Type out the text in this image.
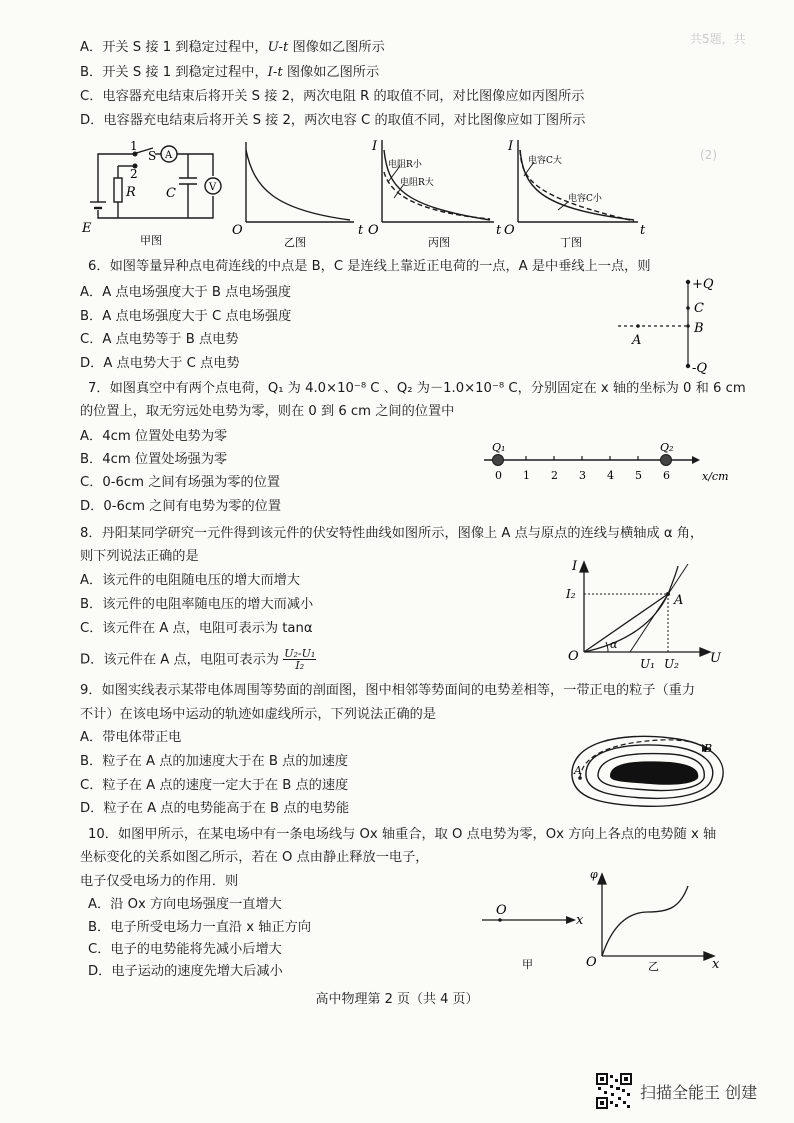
共5题，共
(2)
A．开关 S 接 1 到稳定过程中，U-t 图像如乙图所示
B．开关 S 接 1 到稳定过程中，I-t 图像如乙图所示
C．电容器充电结束后将开关 S 接 2，两次电阻 R 的取值不同，对比图像应如丙图所示
D．电容器充电结束后将开关 S 接 2，两次电容 C 的取值不同，对比图像应如丁图所示
E
R C
S
1
2
A
V
甲图
O	t
乙图
I
电阻R小
电阻R大
O	t
丙图
I
电容C大
电容C小
O	t
丁图
6．如图等量异种点电荷连线的中点是 B，C 是连线上靠近正电荷的一点，A 是中垂线上一点，则
A．A 点电场强度大于 B 点电场强度
B．A 点电场强度大于 C 点电场强度
C．A 点电势等于 B 点电势
D．A 点电势大于 C 点电势
+Q
C
B
A
-Q
7．如图真空中有两个点电荷，Q₁ 为 4.0×10⁻⁸ C 、Q₂ 为－1.0×10⁻⁸ C，分别固定在 x 轴的坐标为 0 和 6 cm
的位置上，取无穷远处电势为零，则在 0 到 6 cm 之间的位置中
A．4cm 位置处电势为零
B．4cm 位置处场强为零
C．0-6cm 之间有场强为零的位置
D．0-6cm 之间有电势为零的位置
0 1 2 3 4 5 6
Q₁	Q₂
x/cm
8．丹阳某同学研究一元件得到该元件的伏安特性曲线如图所示，图像上 A 点与原点的连线与横轴成 α 角，
则下列说法正确的是
A．该元件的电阻随电压的增大而增大
B．该元件的电阻率随电压的增大而减小
C．该元件在 A 点，电阻可表示为 tanα
D．该元件在 A 点，电阻可表示为 $\frac{\text{U₂-U₁}}{\text{I₂}}$
I
I₂	A
α
O	U₁ U₂ U
9．如图实线表示某带电体周围等势面的剖面图，图中相邻等势面间的电势差相等，一带正电的粒子（重力
不计）在该电场中运动的轨迹如虚线所示，下列说法正确的是
A．带电体带正电
B．粒子在 A 点的加速度大于在 B 点的加速度
C．粒子在 A 点的速度一定大于在 B 点的速度
D．粒子在 A 点的电势能高于在 B 点的电势能
A
B
10．如图甲所示，在某电场中有一条电场线与 Ox 轴重合，取 O 点电势为零，Ox 方向上各点的电势随 x 轴
坐标变化的关系如图乙所示，若在 O 点由静止释放一电子，
电子仅受电场力的作用．则
A．沿 Ox 方向电场强度一直增大
B．电子所受电场力一直沿 x 轴正方向
C．电子的电势能将先减小后增大
D．电子运动的速度先增大后减小
O
x
甲
φ
O	x
乙
高中物理第 2 页（共 4 页）
扫描全能王 创建
